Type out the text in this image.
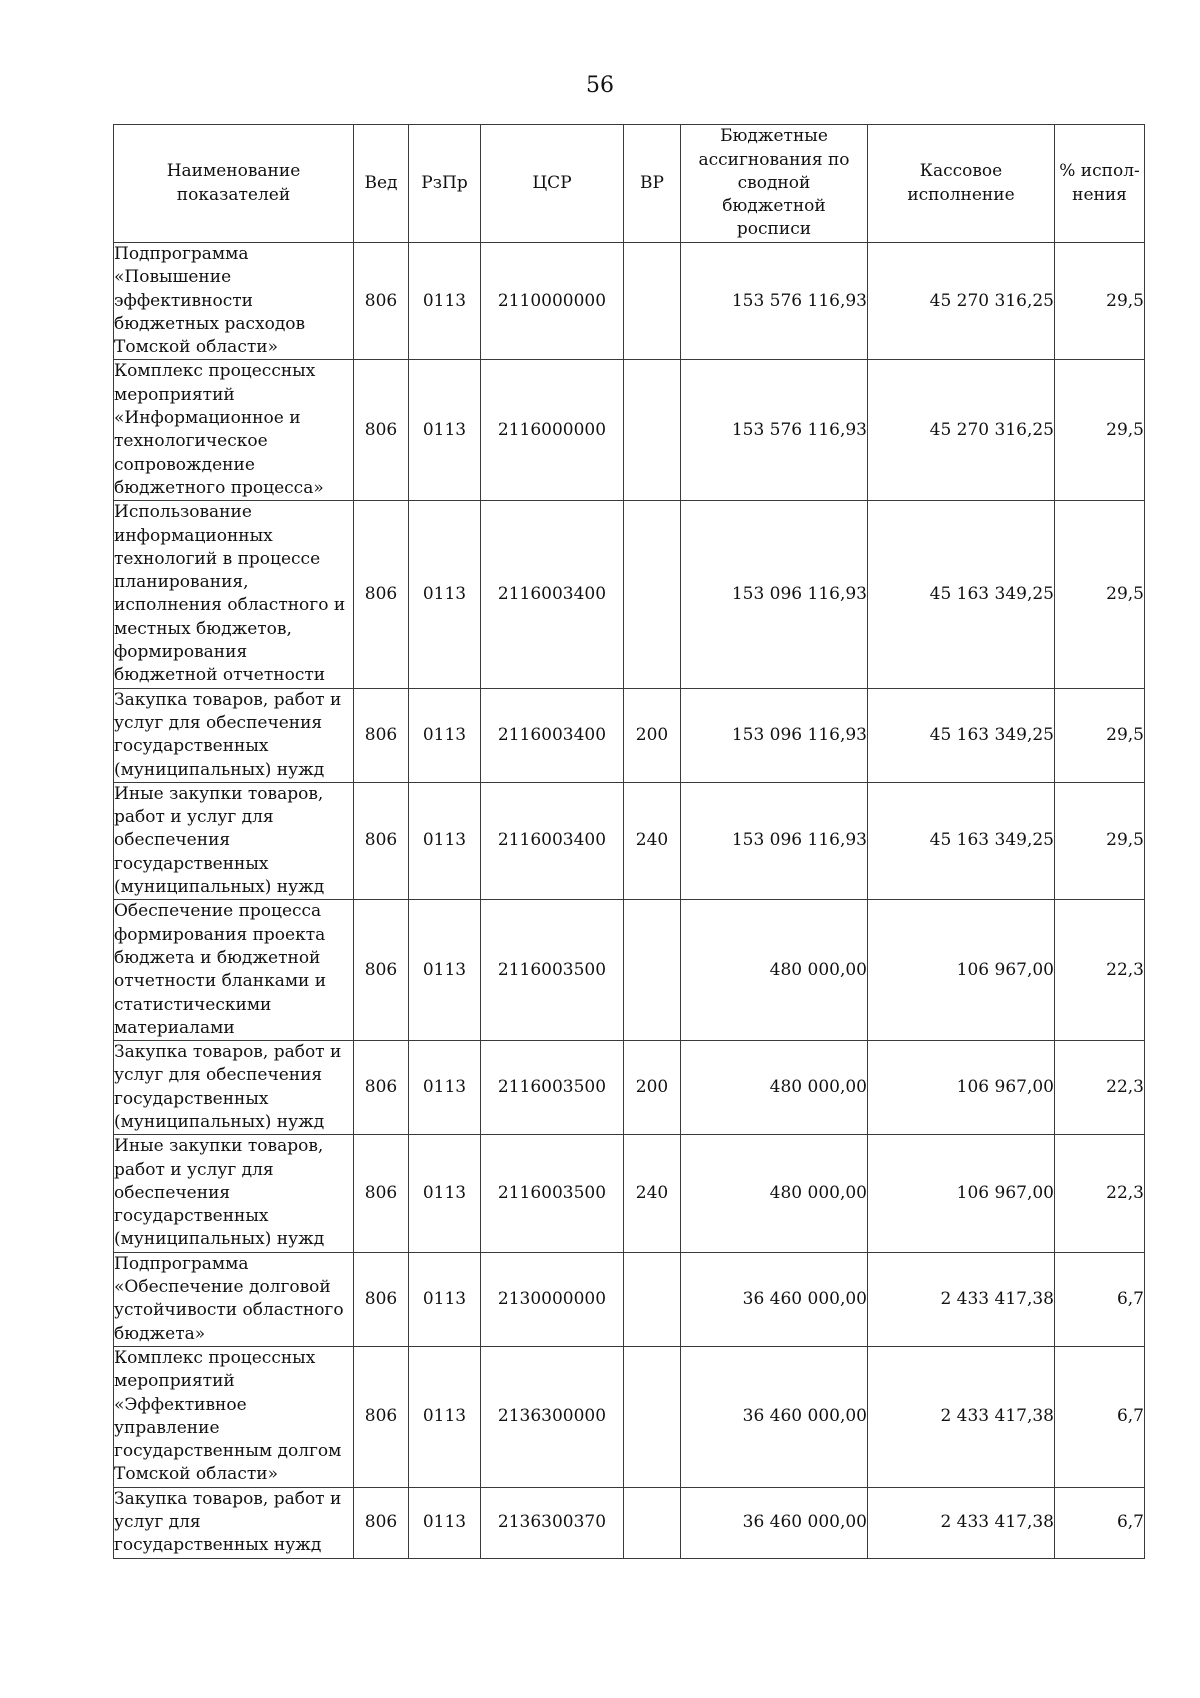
56
Наименование показателей	Вед	РзПр	ЦСР	ВР	Бюджетные ассигнования по сводной бюджетной росписи	Кассовое исполнение	% испол-нения
Подпрограмма «Повышение эффективности бюджетных расходов Томской области»	806	0113	2110000000		153 576 116,93	45 270 316,25	29,5
Комплекс процессных мероприятий «Информационное и технологическое сопровождение бюджетного процесса»	806	0113	2116000000		153 576 116,93	45 270 316,25	29,5
Использование информационных технологий в процессе планирования, исполнения областного и местных бюджетов, формирования бюджетной отчетности	806	0113	2116003400		153 096 116,93	45 163 349,25	29,5
Закупка товаров, работ и услуг для обеспечения государственных (муниципальных) нужд	806	0113	2116003400	200	153 096 116,93	45 163 349,25	29,5
Иные закупки товаров, работ и услуг для обеспечения государственных (муниципальных) нужд	806	0113	2116003400	240	153 096 116,93	45 163 349,25	29,5
Обеспечение процесса формирования проекта бюджета и бюджетной отчетности бланками и статистическими материалами	806	0113	2116003500		480 000,00	106 967,00	22,3
Закупка товаров, работ и услуг для обеспечения государственных (муниципальных) нужд	806	0113	2116003500	200	480 000,00	106 967,00	22,3
Иные закупки товаров, работ и услуг для обеспечения государственных (муниципальных) нужд	806	0113	2116003500	240	480 000,00	106 967,00	22,3
Подпрограмма «Обеспечение долговой устойчивости областного бюджета»	806	0113	2130000000		36 460 000,00	2 433 417,38	6,7
Комплекс процессных мероприятий «Эффективное управление государственным долгом Томской области»	806	0113	2136300000		36 460 000,00	2 433 417,38	6,7
Закупка товаров, работ и услуг для государственных нужд	806	0113	2136300370		36 460 000,00	2 433 417,38	6,7
